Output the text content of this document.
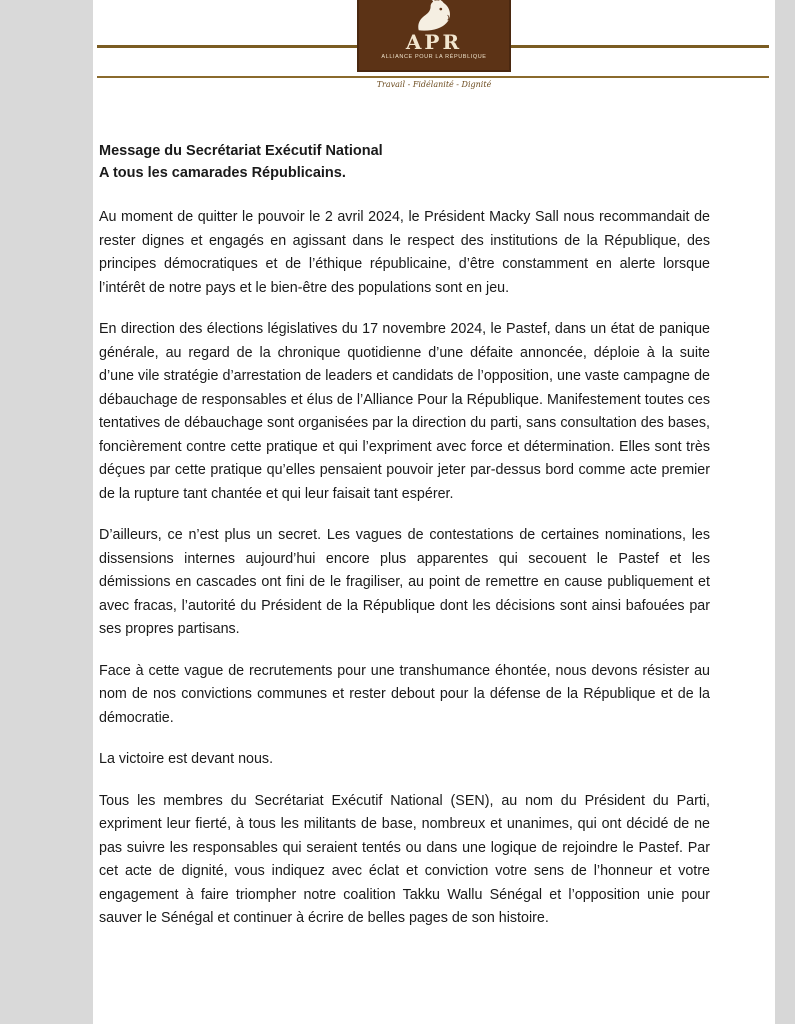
APR
ALLIANCE POUR LA RÉPUBLIQUE
Travail - Fidélanité - Dignité
Message du Secrétariat Exécutif National
A tous les camarades Républicains.

Au moment de quitter le pouvoir le 2 avril 2024, le Président Macky Sall nous recommandait de rester dignes et engagés en agissant dans le respect des institutions de la République, des principes démocratiques et de l’éthique républicaine, d’être constamment en alerte lorsque l’intérêt de notre pays et le bien-être des populations sont en jeu.

En direction des élections législatives du 17 novembre 2024, le Pastef, dans un état de panique générale, au regard de la chronique quotidienne d’une défaite annoncée, déploie à la suite d’une vile stratégie d’arrestation de leaders et candidats de l’opposition, une vaste campagne de débauchage de responsables et élus de l’Alliance Pour la République. Manifestement toutes ces tentatives de débauchage sont organisées par la direction du parti, sans consultation des bases, foncièrement contre cette pratique et qui l’expriment avec force et détermination. Elles sont très déçues par cette pratique qu’elles pensaient pouvoir jeter par-dessus bord comme acte premier de la rupture tant chantée et qui leur faisait tant espérer.

D’ailleurs, ce n’est plus un secret. Les vagues de contestations de certaines nominations, les dissensions internes aujourd’hui encore plus apparentes qui secouent le Pastef et les démissions en cascades ont fini de le fragiliser, au point de remettre en cause publiquement et avec fracas, l’autorité du Président de la République dont les décisions sont ainsi bafouées par ses propres partisans.

Face à cette vague de recrutements pour une transhumance éhontée, nous devons résister au nom de nos convictions communes et rester debout pour la défense de la République et de la démocratie.

La victoire est devant nous.

Tous les membres du Secrétariat Exécutif National (SEN), au nom du Président du Parti, expriment leur fierté, à tous les militants de base, nombreux et unanimes, qui ont décidé de ne pas suivre les responsables qui seraient tentés ou dans une logique de rejoindre le Pastef. Par cet acte de dignité, vous indiquez avec éclat et conviction votre sens de l’honneur et votre engagement à faire triompher notre coalition Takku Wallu Sénégal et l’opposition unie pour sauver le Sénégal et continuer à écrire de belles pages de son histoire.
